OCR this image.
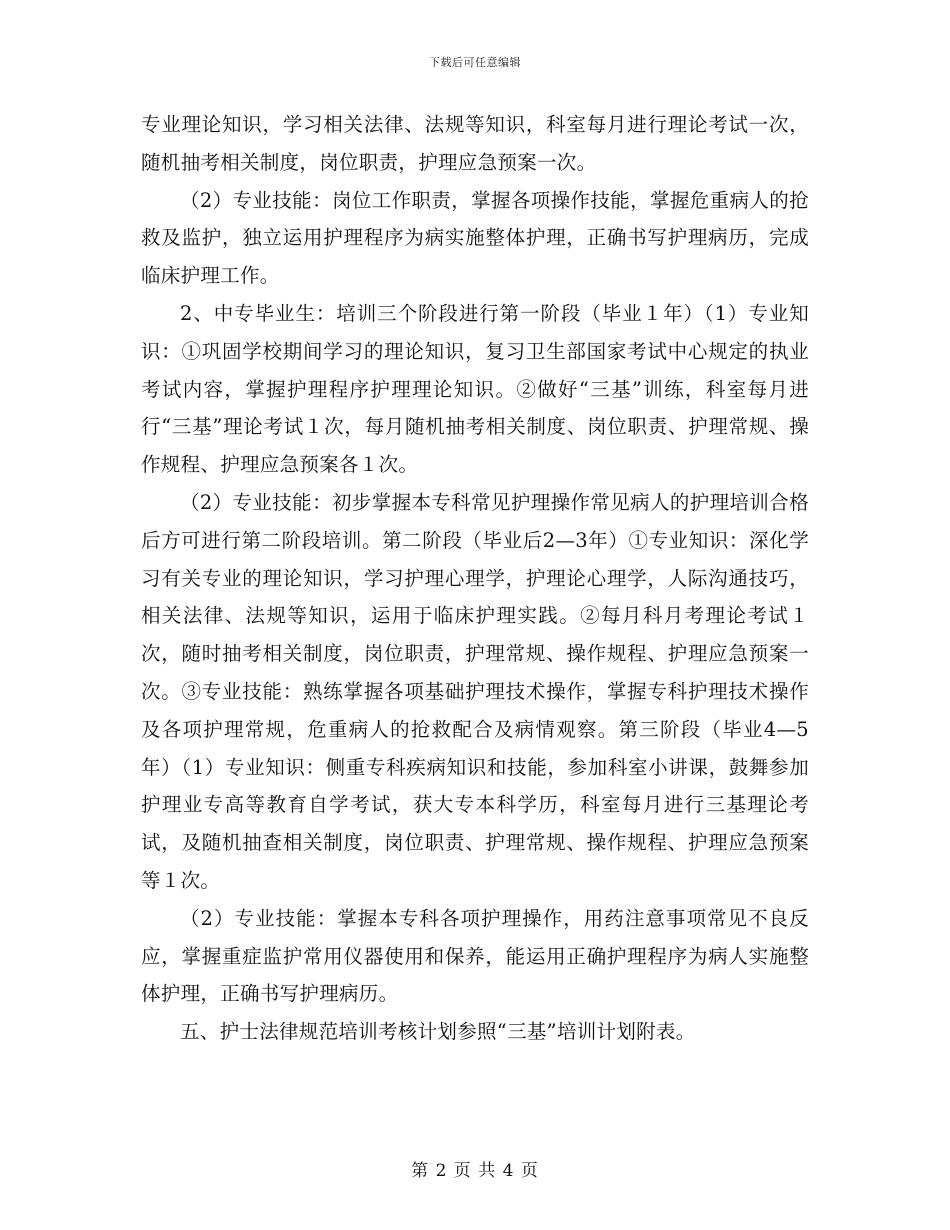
下载后可任意编辑

专业理论知识，学习相关法律、法规等知识，科室每月进行理论考试一次，随机抽考相关制度，岗位职责，护理应急预案一次。

（2）专业技能：岗位工作职责，掌握各项操作技能，掌握危重病人的抢救及监护，独立运用护理程序为病实施整体护理，正确书写护理病历，完成临床护理工作。

2、中专毕业生：培训三个阶段进行第一阶段（毕业１年）（1）专业知识：①巩固学校期间学习的理论知识，复习卫生部国家考试中心规定的执业考试内容，掌握护理程序护理理论知识。②做好“三基”训练，科室每月进行“三基”理论考试１次，每月随机抽考相关制度、岗位职责、护理常规、操作规程、护理应急预案各１次。

（2）专业技能：初步掌握本专科常见护理操作常见病人的护理培训合格后方可进行第二阶段培训。第二阶段（毕业后2—3年）①专业知识：深化学习有关专业的理论知识，学习护理心理学，护理论心理学，人际沟通技巧，相关法律、法规等知识，运用于临床护理实践。②每月科月考理论考试１次，随时抽考相关制度，岗位职责，护理常规、操作规程、护理应急预案一次。③专业技能：熟练掌握各项基础护理技术操作，掌握专科护理技术操作及各项护理常规，危重病人的抢救配合及病情观察。第三阶段（毕业4—5年）（1）专业知识：侧重专科疾病知识和技能，参加科室小讲课，鼓舞参加护理业专高等教育自学考试，获大专本科学历，科室每月进行三基理论考试，及随机抽查相关制度，岗位职责、护理常规、操作规程、护理应急预案等１次。

（2）专业技能：掌握本专科各项护理操作，用药注意事项常见不良反应，掌握重症监护常用仪器使用和保养，能运用正确护理程序为病人实施整体护理，正确书写护理病历。

五、护士法律规范培训考核计划参照“三基”培训计划附表。

第 2 页 共 4 页
